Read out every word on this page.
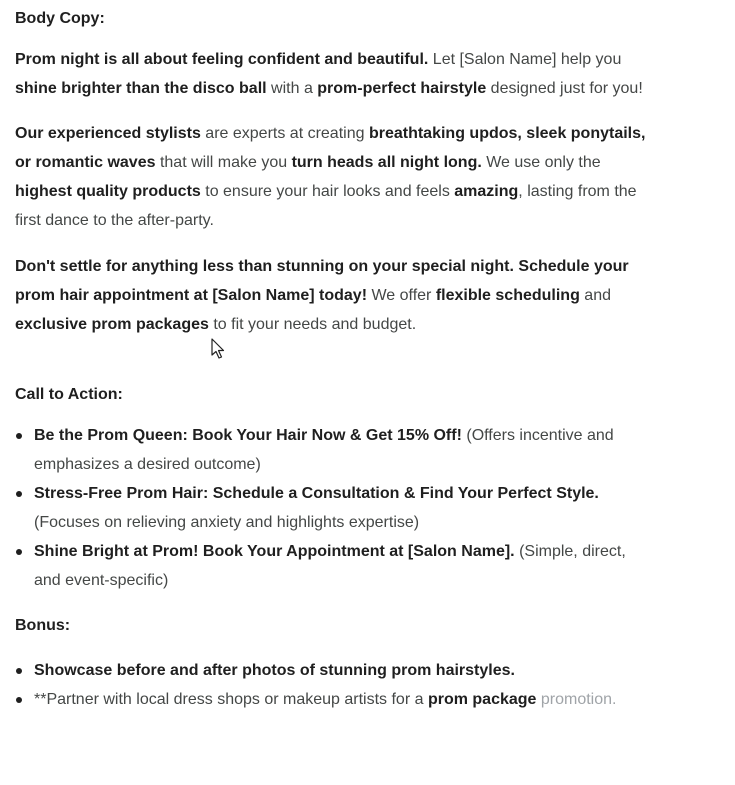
Body Copy:

Prom night is all about feeling confident and beautiful. Let [Salon Name] help you shine brighter than the disco ball with a prom-perfect hairstyle designed just for you!

Our experienced stylists are experts at creating breathtaking updos, sleek ponytails, or romantic waves that will make you turn heads all night long. We use only the highest quality products to ensure your hair looks and feels amazing, lasting from the first dance to the after-party.

Don't settle for anything less than stunning on your special night. Schedule your prom hair appointment at [Salon Name] today! We offer flexible scheduling and exclusive prom packages to fit your needs and budget.

Call to Action:
Be the Prom Queen: Book Your Hair Now & Get 15% Off! (Offers incentive and emphasizes a desired outcome)
Stress-Free Prom Hair: Schedule a Consultation & Find Your Perfect Style. (Focuses on relieving anxiety and highlights expertise)
Shine Bright at Prom! Book Your Appointment at [Salon Name]. (Simple, direct, and event-specific)
Bonus:
Showcase before and after photos of stunning prom hairstyles.
**Partner with local dress shops or makeup artists for a prom package promotion.
